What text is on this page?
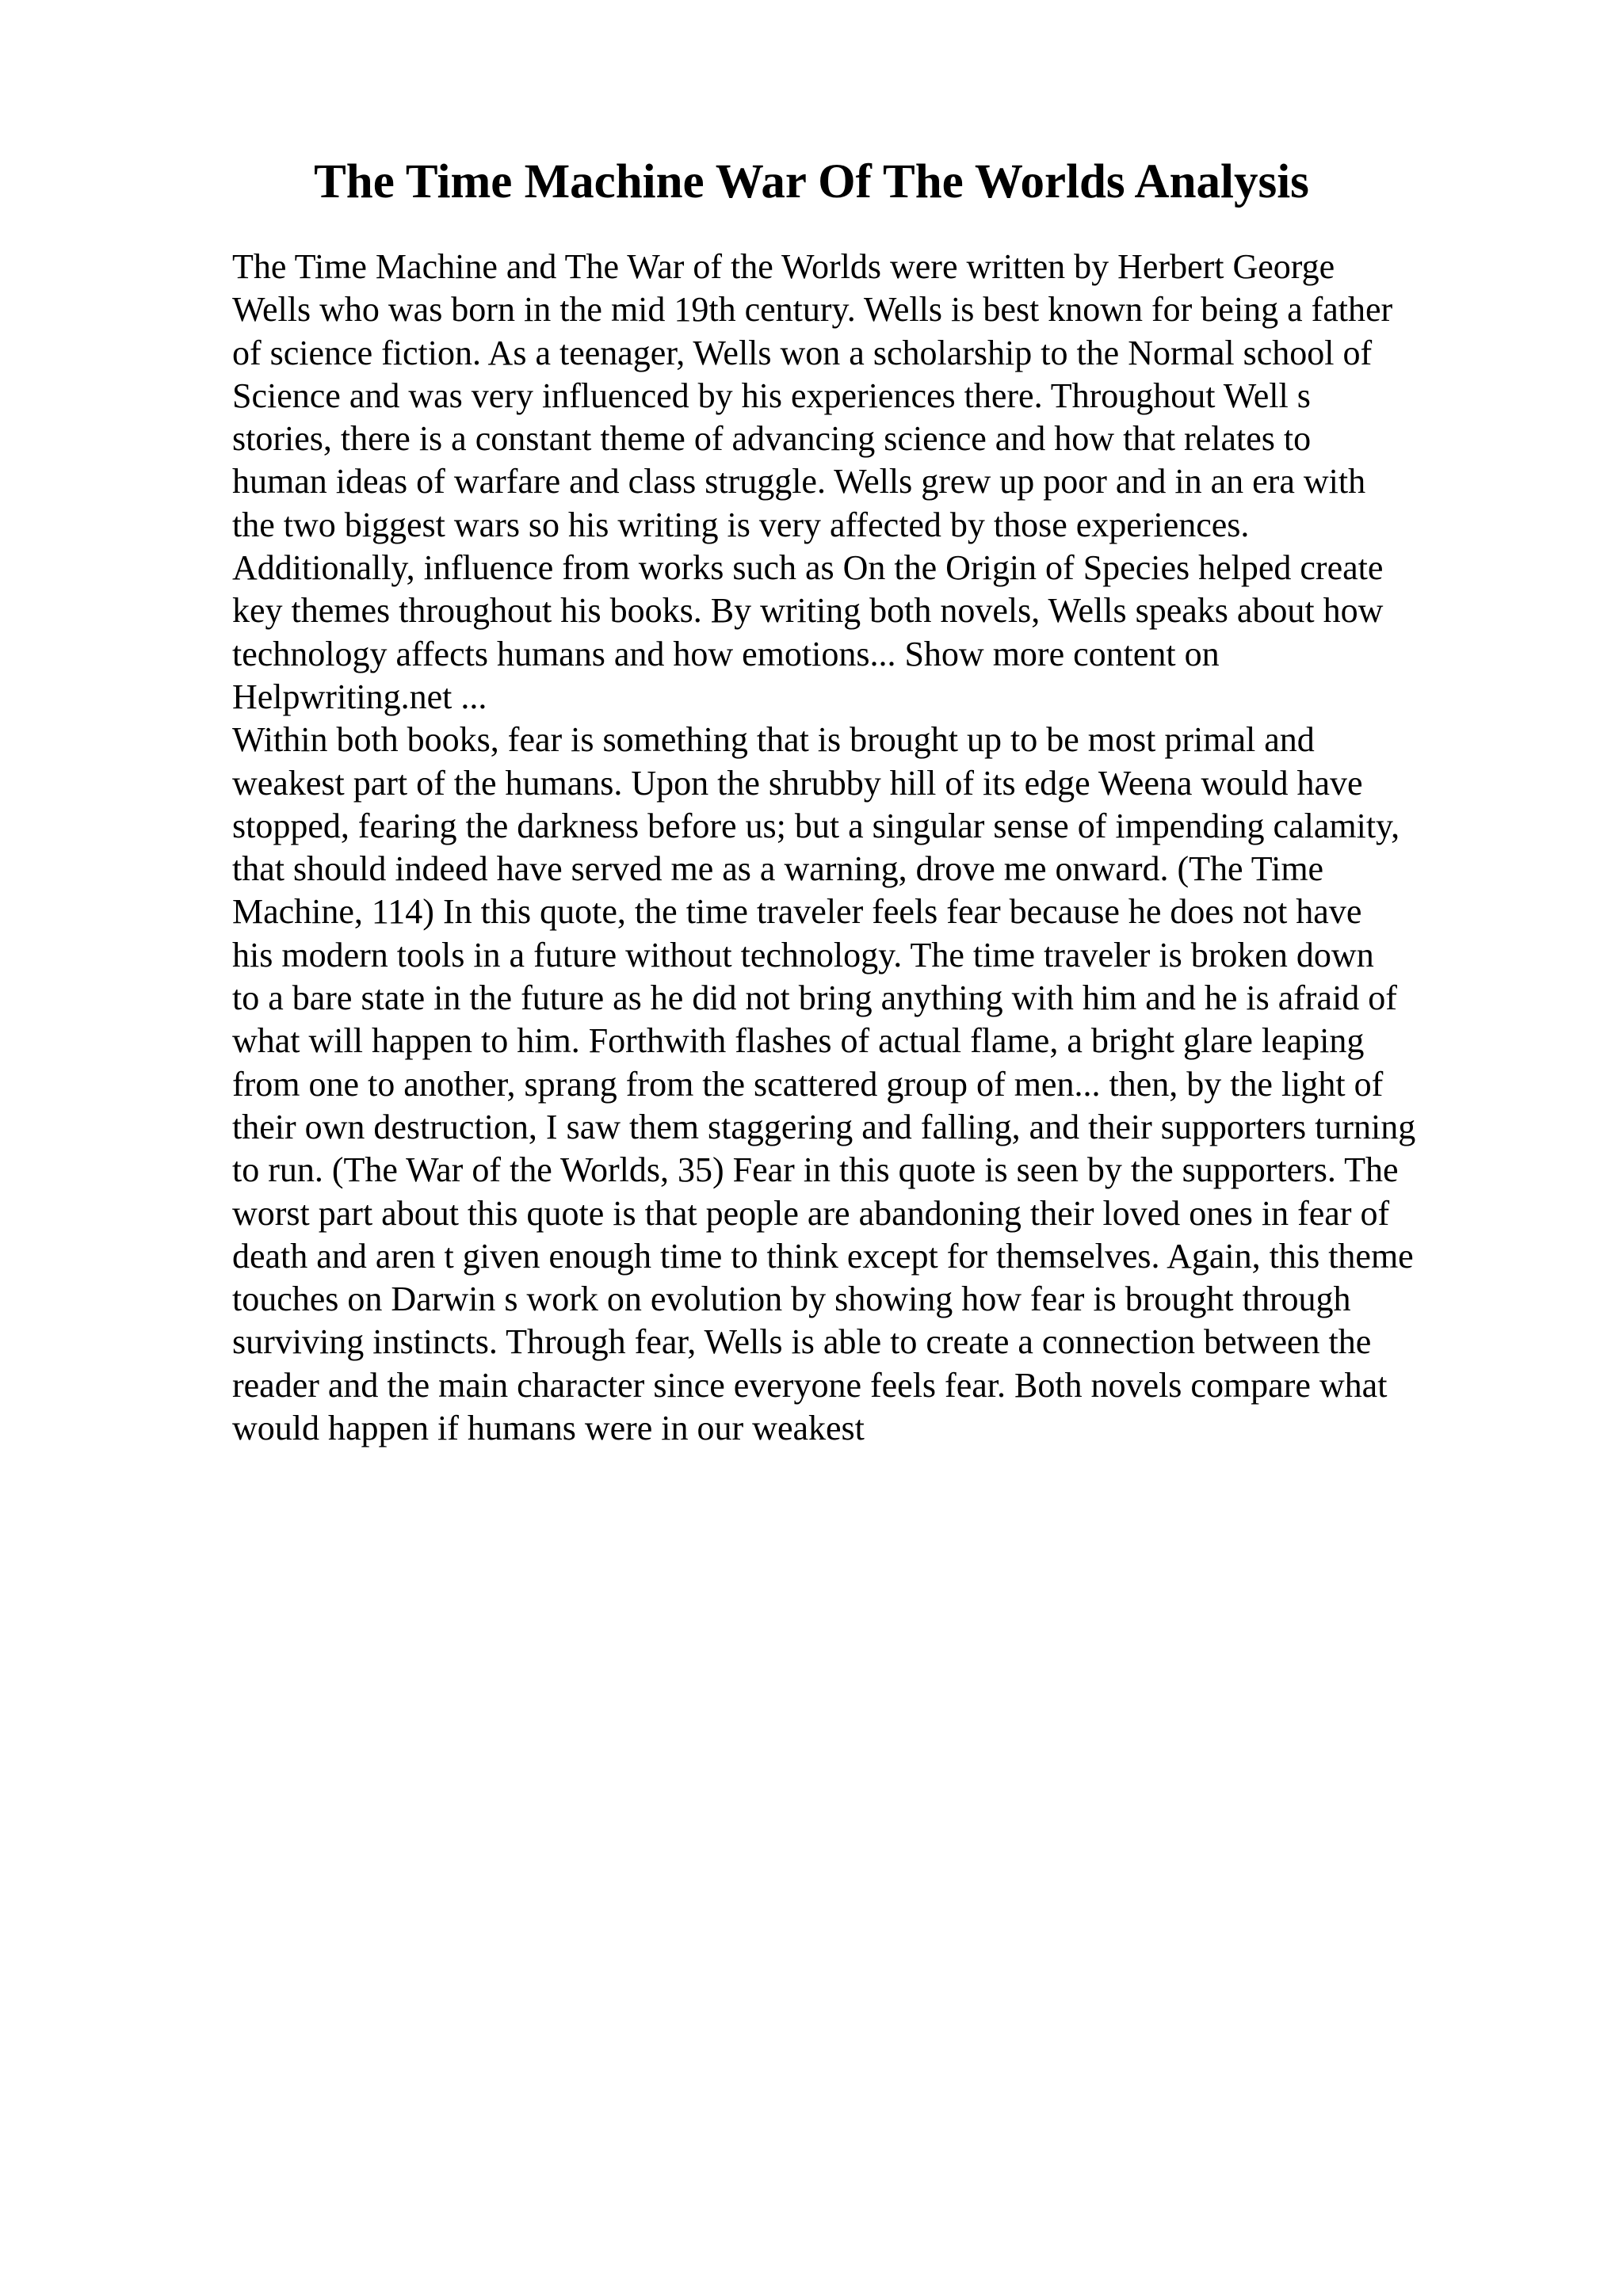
The Time Machine War Of The Worlds Analysis
The Time Machine and The War of the Worlds were written by Herbert George
Wells who was born in the mid 19th century. Wells is best known for being a father
of science fiction. As a teenager, Wells won a scholarship to the Normal school of
Science and was very influenced by his experiences there. Throughout Well s
stories, there is a constant theme of advancing science and how that relates to
human ideas of warfare and class struggle. Wells grew up poor and in an era with
the two biggest wars so his writing is very affected by those experiences.
Additionally, influence from works such as On the Origin of Species helped create
key themes throughout his books. By writing both novels, Wells speaks about how
technology affects humans and how emotions... Show more content on
Helpwriting.net ...
Within both books, fear is something that is brought up to be most primal and
weakest part of the humans. Upon the shrubby hill of its edge Weena would have
stopped, fearing the darkness before us; but a singular sense of impending calamity,
that should indeed have served me as a warning, drove me onward. (The Time
Machine, 114) In this quote, the time traveler feels fear because he does not have
his modern tools in a future without technology. The time traveler is broken down
to a bare state in the future as he did not bring anything with him and he is afraid of
what will happen to him. Forthwith flashes of actual flame, a bright glare leaping
from one to another, sprang from the scattered group of men... then, by the light of
their own destruction, I saw them staggering and falling, and their supporters turning
to run. (The War of the Worlds, 35) Fear in this quote is seen by the supporters. The
worst part about this quote is that people are abandoning their loved ones in fear of
death and aren t given enough time to think except for themselves. Again, this theme
touches on Darwin s work on evolution by showing how fear is brought through
surviving instincts. Through fear, Wells is able to create a connection between the
reader and the main character since everyone feels fear. Both novels compare what
would happen if humans were in our weakest
